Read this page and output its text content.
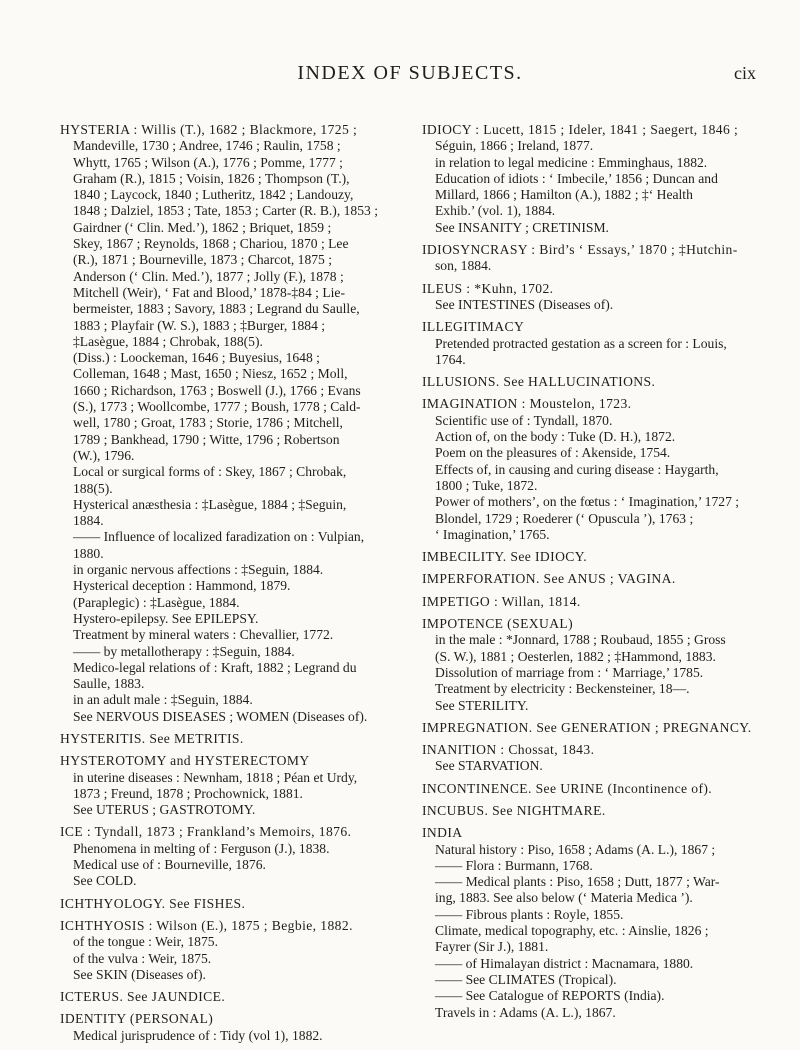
INDEX OF SUBJECTS.	cix
HYSTERIA : Willis (T.), 1682 ; Blackmore, 1725 ;
Mandeville, 1730 ; Andree, 1746 ; Raulin, 1758 ;
Whytt, 1765 ; Wilson (A.), 1776 ; Pomme, 1777 ;
Graham (R.), 1815 ; Voisin, 1826 ; Thompson (T.),
1840 ; Laycock, 1840 ; Lutheritz, 1842 ; Landouzy,
1848 ; Dalziel, 1853 ; Tate, 1853 ; Carter (R. B.), 1853 ;
Gairdner (‘ Clin. Med.’), 1862 ; Briquet, 1859 ;
Skey, 1867 ; Reynolds, 1868 ; Chariou, 1870 ; Lee
(R.), 1871 ; Bourneville, 1873 ; Charcot, 1875 ;
Anderson (‘ Clin. Med.’), 1877 ; Jolly (F.), 1878 ;
Mitchell (Weir), ‘ Fat and Blood,’ 1878-‡84 ; Lie-
bermeister, 1883 ; Savory, 1883 ; Legrand du Saulle,
1883 ; Playfair (W. S.), 1883 ; ‡Burger, 1884 ;
‡Lasègue, 1884 ; Chrobak, 188(5).
(Diss.) : Loockeman, 1646 ; Buyesius, 1648 ;
Colleman, 1648 ; Mast, 1650 ; Niesz, 1652 ; Moll,
1660 ; Richardson, 1763 ; Boswell (J.), 1766 ; Evans
(S.), 1773 ; Woollcombe, 1777 ; Boush, 1778 ; Cald-
well, 1780 ; Groat, 1783 ; Storie, 1786 ; Mitchell,
1789 ; Bankhead, 1790 ; Witte, 1796 ; Robertson
(W.), 1796.
Local or surgical forms of : Skey, 1867 ; Chrobak,
188(5).
Hysterical anæsthesia : ‡Lasègue, 1884 ; ‡Seguin,
1884.
—— Influence of localized faradization on : Vulpian,
1880.
in organic nervous affections : ‡Seguin, 1884.
Hysterical deception : Hammond, 1879.
(Paraplegic) : ‡Lasègue, 1884.
Hystero-epilepsy. See EPILEPSY.
Treatment by mineral waters : Chevallier, 1772.
—— by metallotherapy : ‡Seguin, 1884.
Medico-legal relations of : Kraft, 1882 ; Legrand du
Saulle, 1883.
in an adult male : ‡Seguin, 1884.
See NERVOUS DISEASES ; WOMEN (Diseases of).
HYSTERITIS. See METRITIS.
HYSTEROTOMY and HYSTERECTOMY
in uterine diseases : Newnham, 1818 ; Péan et Urdy,
1873 ; Freund, 1878 ; Prochownick, 1881.
See UTERUS ; GASTROTOMY.
ICE : Tyndall, 1873 ; Frankland’s Memoirs, 1876.
Phenomena in melting of : Ferguson (J.), 1838.
Medical use of : Bourneville, 1876.
See COLD.
ICHTHYOLOGY. See FISHES.
ICHTHYOSIS : Wilson (E.), 1875 ; Begbie, 1882.
of the tongue : Weir, 1875.
of the vulva : Weir, 1875.
See SKIN (Diseases of).
ICTERUS. See JAUNDICE.
IDENTITY (PERSONAL)
Medical jurisprudence of : Tidy (vol 1), 1882.
IDIOCY : Lucett, 1815 ; Ideler, 1841 ; Saegert, 1846 ;
Séguin, 1866 ; Ireland, 1877.
in relation to legal medicine : Emminghaus, 1882.
Education of idiots : ‘ Imbecile,’ 1856 ; Duncan and
Millard, 1866 ; Hamilton (A.), 1882 ; ‡‘ Health
Exhib.’ (vol. 1), 1884.
See INSANITY ; CRETINISM.
IDIOSYNCRASY : Bird’s ‘ Essays,’ 1870 ; ‡Hutchin-
son, 1884.
ILEUS : *Kuhn, 1702.
See INTESTINES (Diseases of).
ILLEGITIMACY
Pretended protracted gestation as a screen for : Louis,
1764.
ILLUSIONS. See HALLUCINATIONS.
IMAGINATION : Moustelon, 1723.
Scientific use of : Tyndall, 1870.
Action of, on the body : Tuke (D. H.), 1872.
Poem on the pleasures of : Akenside, 1754.
Effects of, in causing and curing disease : Haygarth,
1800 ; Tuke, 1872.
Power of mothers’, on the fœtus : ‘ Imagination,’ 1727 ;
Blondel, 1729 ; Roederer (‘ Opuscula ’), 1763 ;
‘ Imagination,’ 1765.
IMBECILITY. See IDIOCY.
IMPERFORATION. See ANUS ; VAGINA.
IMPETIGO : Willan, 1814.
IMPOTENCE (SEXUAL)
in the male : *Jonnard, 1788 ; Roubaud, 1855 ; Gross
(S. W.), 1881 ; Oesterlen, 1882 ; ‡Hammond, 1883.
Dissolution of marriage from : ‘ Marriage,’ 1785.
Treatment by electricity : Beckensteiner, 18—.
See STERILITY.
IMPREGNATION. See GENERATION ; PREGNANCY.
INANITION : Chossat, 1843.
See STARVATION.
INCONTINENCE. See URINE (Incontinence of).
INCUBUS. See NIGHTMARE.
INDIA
Natural history : Piso, 1658 ; Adams (A. L.), 1867 ;
—— Flora : Burmann, 1768.
—— Medical plants : Piso, 1658 ; Dutt, 1877 ; War-
ing, 1883. See also below (‘ Materia Medica ’).
—— Fibrous plants : Royle, 1855.
Climate, medical topography, etc. : Ainslie, 1826 ;
Fayrer (Sir J.), 1881.
—— of Himalayan district : Macnamara, 1880.
—— See CLIMATES (Tropical).
—— See Catalogue of REPORTS (India).
Travels in : Adams (A. L.), 1867.
